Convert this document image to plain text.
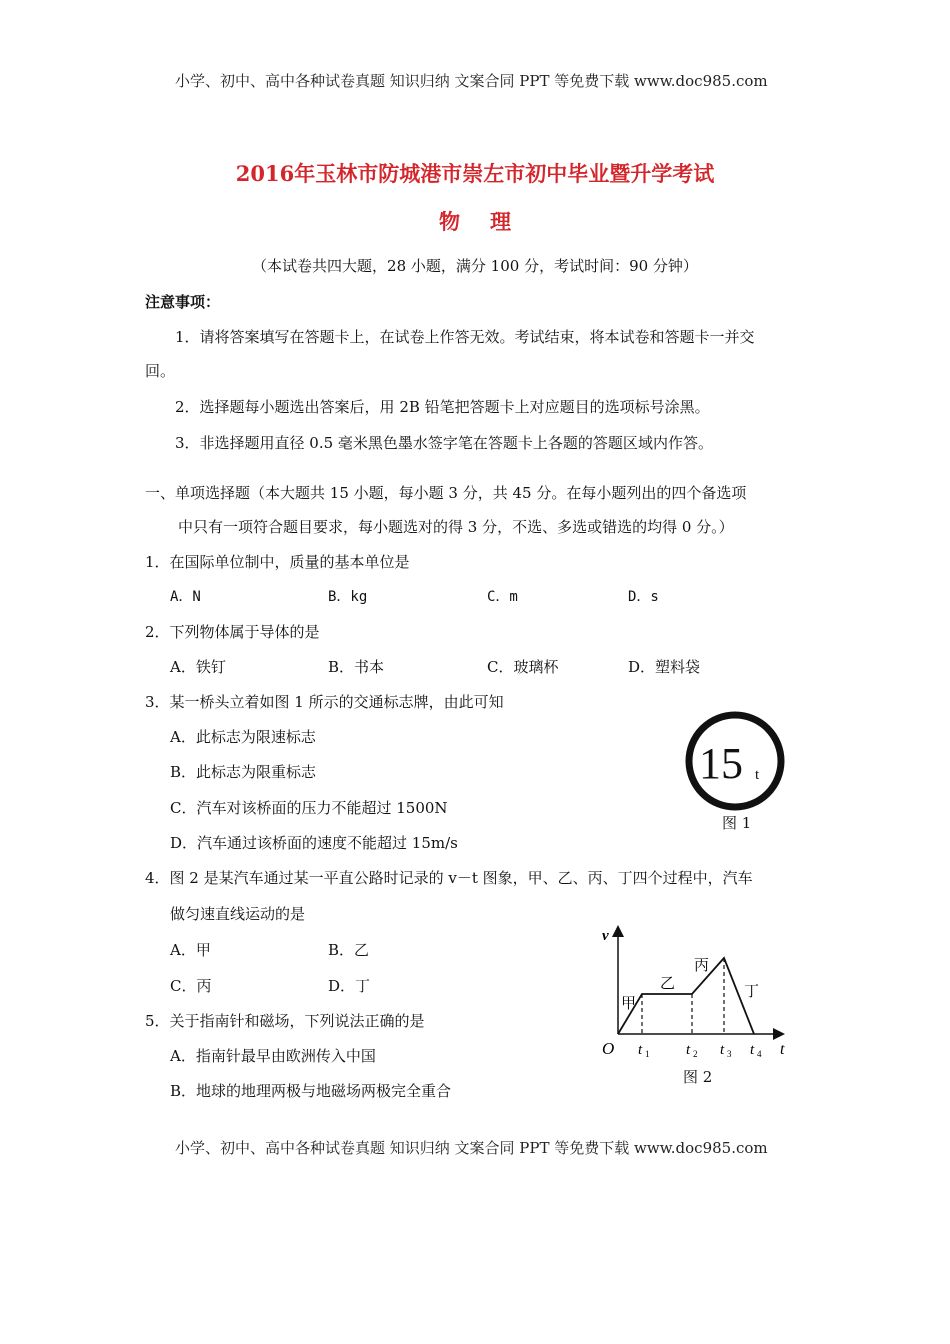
小学、初中、高中各种试卷真题 知识归纳 文案合同 PPT 等免费下载 www.doc985.com
2016年玉林市防城港市崇左市初中毕业暨升学考试
物理
（本试卷共四大题，28 小题，满分 100 分，考试时间：90 分钟）
注意事项：
1．请将答案填写在答题卡上，在试卷上作答无效。考试结束，将本试卷和答题卡一并交
回。
2．选择题每小题选出答案后，用 2B 铅笔把答题卡上对应题目的选项标号涂黑。
3．非选择题用直径 0.5 毫米黑色墨水签字笔在答题卡上各题的答题区域内作答。
一、单项选择题（本大题共 15 小题，每小题 3 分，共 45 分。在每小题列出的四个备选项
中只有一项符合题目要求，每小题选对的得 3 分，不选、多选或错选的均得 0 分。）
1．在国际单位制中，质量的基本单位是
A．N	B．kg	C．m	D．s
2．下列物体属于导体的是
A．铁钉	B．书本	C．玻璃杯	D．塑料袋
3．某一桥头立着如图 1 所示的交通标志牌，由此可知
A．此标志为限速标志
B．此标志为限重标志
C．汽车对该桥面的压力不能超过 1500N
D．汽车通过该桥面的速度不能超过 15m/s
15 t
图 1
4．图 2 是某汽车通过某一平直公路时记录的 v－t 图象，甲、乙、丙、丁四个过程中，汽车
做匀速直线运动的是
A．甲	B．乙
C．丙	D．丁
v
t
O t 1 t 2 t 3 t 4
甲
乙
丙
丁
图 2
5．关于指南针和磁场，下列说法正确的是
A．指南针最早由欧洲传入中国
B．地球的地理两极与地磁场两极完全重合
小学、初中、高中各种试卷真题 知识归纳 文案合同 PPT 等免费下载 www.doc985.com
